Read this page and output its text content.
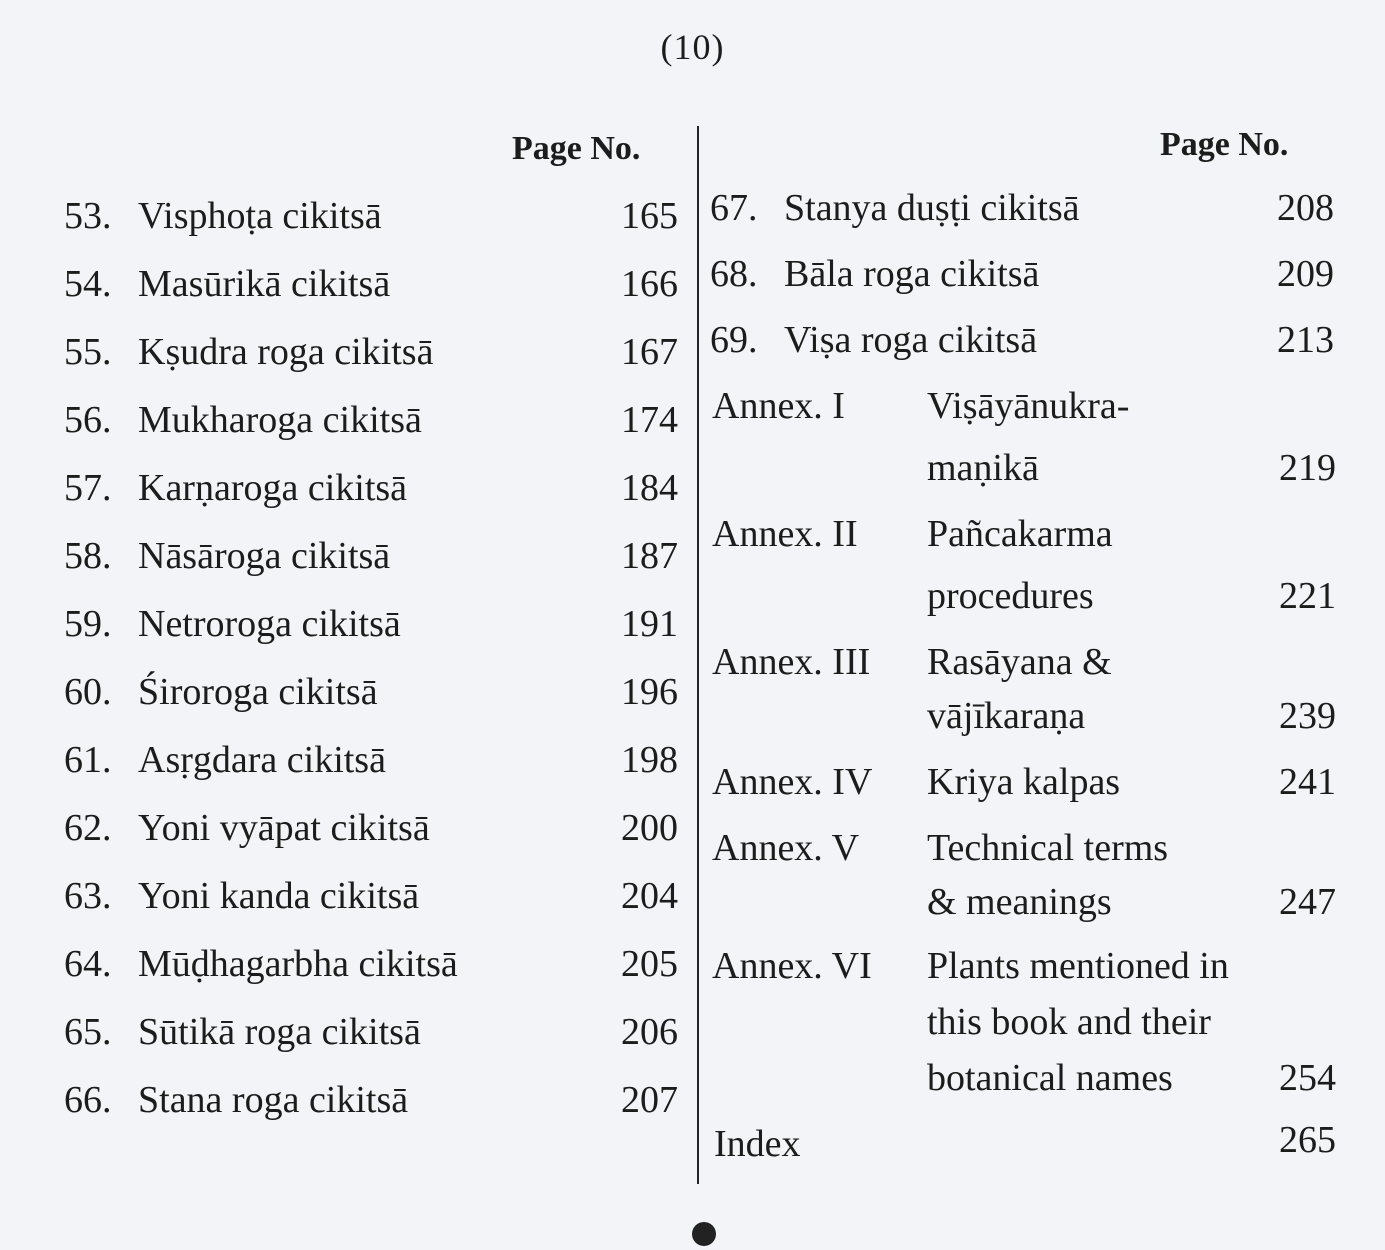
(10)
Page No.	Page No.
53. Visphoṭa cikitsā	165
54. Masūrikā cikitsā	166
55. Kṣudra roga cikitsā	167
56. Mukharoga cikitsā	174
57. Karṇaroga cikitsā	184
58. Nāsāroga cikitsā	187
59. Netroroga cikitsā	191
60. Śiroroga cikitsā	196
61. Asṛgdara cikitsā	198
62. Yoni vyāpat cikitsā	200
63. Yoni kanda cikitsā	204
64. Mūḍhagarbha cikitsā	205
65. Sūtikā roga cikitsā	206
66. Stana roga cikitsā	207
67. Stanya duṣṭi cikitsā	208
68. Bāla roga cikitsā	209
69. Viṣa roga cikitsā	213
Annex. I Viṣāyānukra-
maṇikā	219
Annex. II Pañcakarma
procedures	221
Annex. III Rasāyana &
vājīkaraṇa	239
Annex. IV Kriya kalpas	241
Annex. V Technical terms
& meanings	247
Annex. VI Plants mentioned in
this book and their
botanical names	254
Index	265
